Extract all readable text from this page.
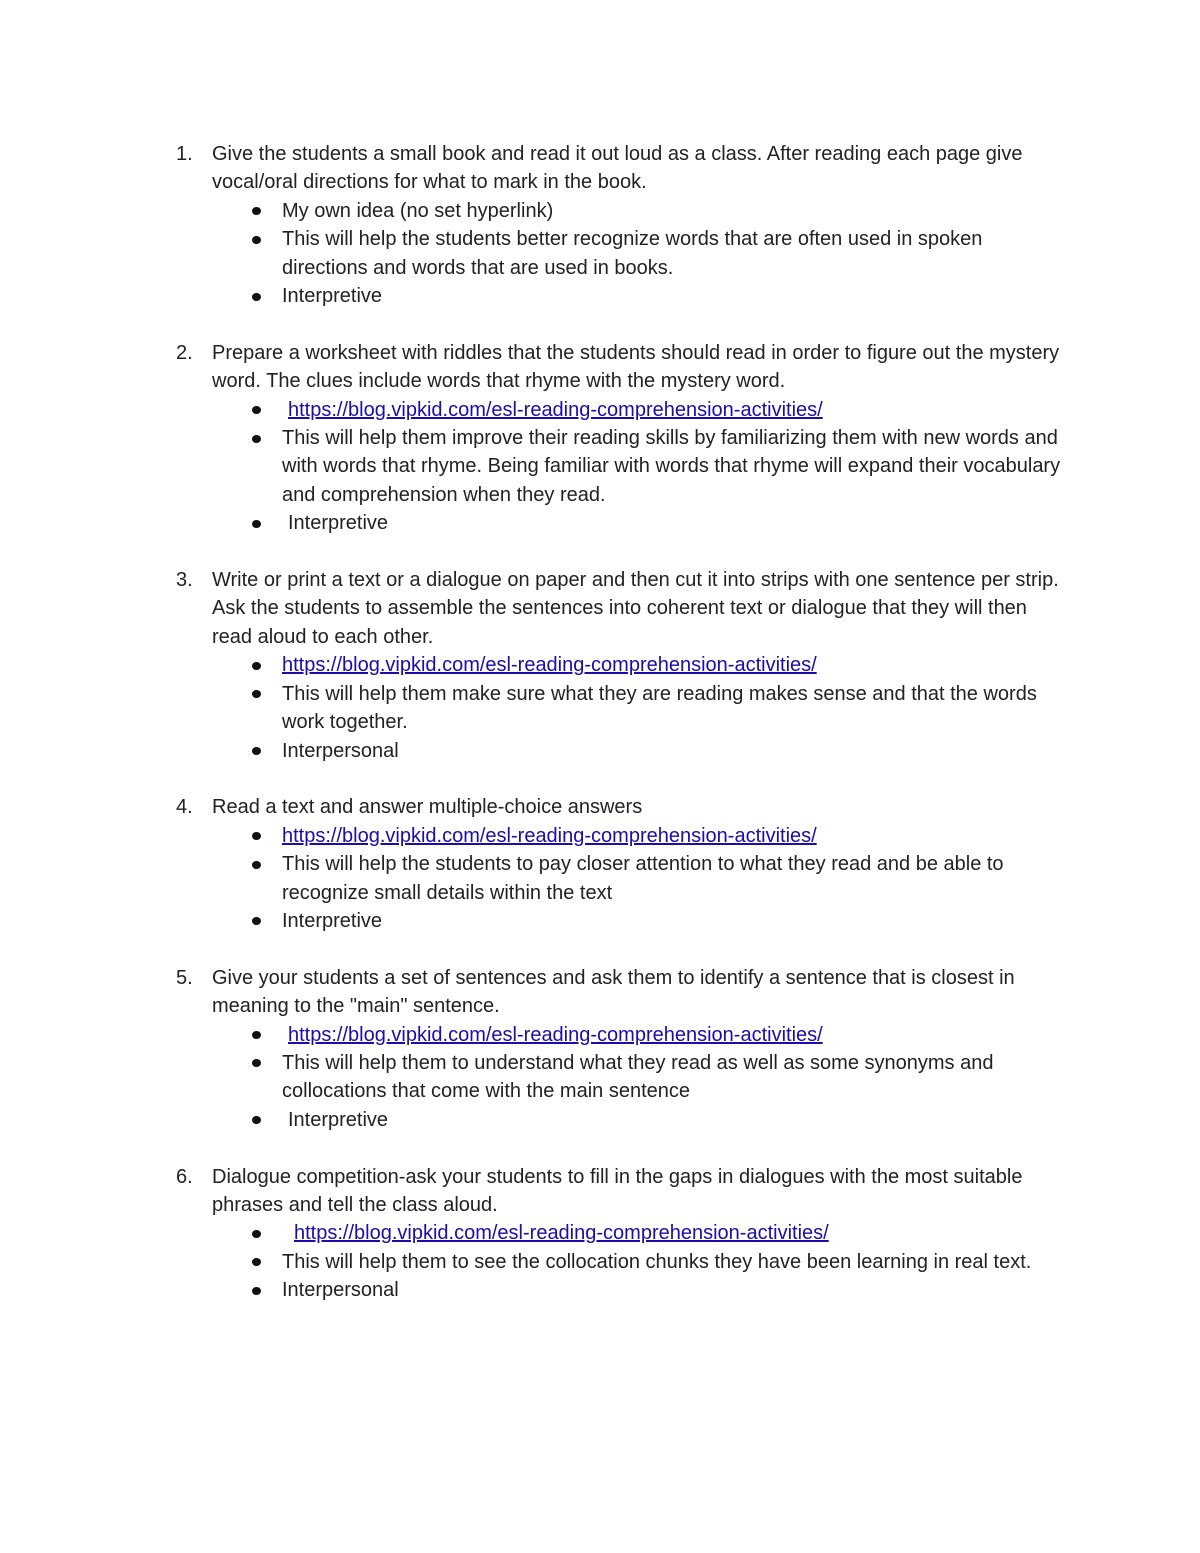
1. Give the students a small book and read it out loud as a class. After reading each page give vocal/oral directions for what to mark in the book.
My own idea (no set hyperlink)
This will help the students better recognize words that are often used in spoken directions and words that are used in books.
Interpretive
2. Prepare a worksheet with riddles that the students should read in order to figure out the mystery word. The clues include words that rhyme with the mystery word.
https://blog.vipkid.com/esl-reading-comprehension-activities/
This will help them improve their reading skills by familiarizing them with new words and with words that rhyme. Being familiar with words that rhyme will expand their vocabulary and comprehension when they read.
Interpretive
3. Write or print a text or a dialogue on paper and then cut it into strips with one sentence per strip. Ask the students to assemble the sentences into coherent text or dialogue that they will then read aloud to each other.
https://blog.vipkid.com/esl-reading-comprehension-activities/
This will help them make sure what they are reading makes sense and that the words work together.
Interpersonal
4. Read a text and answer multiple-choice answers
https://blog.vipkid.com/esl-reading-comprehension-activities/
This will help the students to pay closer attention to what they read and be able to recognize small details within the text
Interpretive
5. Give your students a set of sentences and ask them to identify a sentence that is closest in meaning to the "main" sentence.
https://blog.vipkid.com/esl-reading-comprehension-activities/
This will help them to understand what they read as well as some synonyms and collocations that come with the main sentence
Interpretive
6. Dialogue competition-ask your students to fill in the gaps in dialogues with the most suitable phrases and tell the class aloud.
https://blog.vipkid.com/esl-reading-comprehension-activities/
This will help them to see the collocation chunks they have been learning in real text.
Interpersonal
